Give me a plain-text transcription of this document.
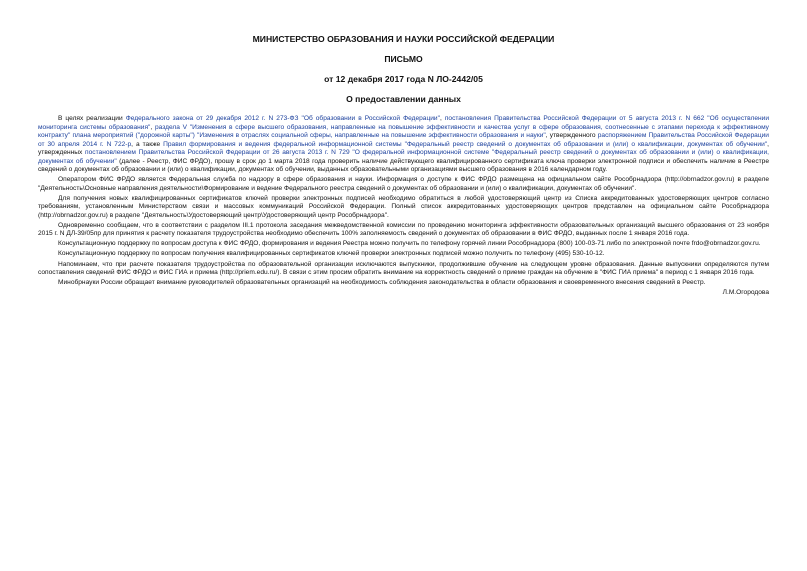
МИНИСТЕРСТВО ОБРАЗОВАНИЯ И НАУКИ РОССИЙСКОЙ ФЕДЕРАЦИИ

ПИСЬМО

от 12 декабря 2017 года N ЛО-2442/05

О предоставлении данных

В целях реализации Федерального закона от 29 декабря 2012 г. N 273-ФЗ "Об образовании в Российской Федерации", постановления Правительства Российской Федерации от 5 августа 2013 г. N 662 "Об осуществлении мониторинга системы образования", раздела V "Изменения в сфере высшего образования, направленные на повышение эффективности и качества услуг в сфере образования, соотнесенные с этапами перехода к эффективному контракту" плана мероприятий ("дорожной карты") "Изменения в отраслях социальной сферы, направленные на повышение эффективности образования и науки", утвержденного распоряжением Правительства Российской Федерации от 30 апреля 2014 г. N 722-р, а также Правил формирования и ведения федеральной информационной системы "Федеральный реестр сведений о документах об образовании и (или) о квалификации, документах об обучении", утвержденных постановлением Правительства Российской Федерации от 26 августа 2013 г. N 729 "О федеральной информационной системе "Федеральный реестр сведений о документах об образовании и (или) о квалификации, документах об обучении" (далее - Реестр, ФИС ФРДО), прошу в срок до 1 марта 2018 года проверить наличие действующего квалифицированного сертификата ключа проверки электронной подписи и обеспечить наличие в Реестре сведений о документах об образовании и (или) о квалификации, документах об обучении, выданных образовательными организациями высшего образования в 2016 календарном году.

Оператором ФИС ФРДО является Федеральная служба по надзору в сфере образования и науки. Информация о доступе к ФИС ФРДО размещена на официальном сайте Рособрнадзора (http://obrnadzor.gov.ru) в разделе "Деятельность\Основные направления деятельности\Формирование и ведение Федерального реестра сведений о документах об образовании и (или) о квалификации, документах об обучении".

Для получения новых квалифицированных сертификатов ключей проверки электронных подписей необходимо обратиться в любой удостоверяющий центр из Списка аккредитованных удостоверяющих центров согласно требованиям, установленным Министерством связи и массовых коммуникаций Российской Федерации. Полный список аккредитованных удостоверяющих центров представлен на официальном сайте Рособрнадзора (http://obrnadzor.gov.ru) в разделе "Деятельность\Удостоверяющий центр\Удостоверяющий центр Рособрнадзора".

Одновременно сообщаем, что в соответствии с разделом III.1 протокола заседания межведомственной комиссии по проведению мониторинга эффективности образовательных организаций высшего образования от 23 ноября 2015 г. N ДЛ-39/05пр для принятия к расчету показателя трудоустройства необходимо обеспечить 100% заполняемость сведений о документах об образовании в ФИС ФРДО, выданных после 1 января 2016 года.

Консультационную поддержку по вопросам доступа к ФИС ФРДО, формирования и ведения Реестра можно получить по телефону горячей линии Рособрнадзора (800) 100-03-71 либо по электронной почте frdo@obrnadzor.gov.ru.

Консультационную поддержку по вопросам получения квалифицированных сертификатов ключей проверки электронных подписей можно получить по телефону (495) 530-10-12.

Напоминаем, что при расчете показателя трудоустройства по образовательной организации исключаются выпускники, продолжившие обучение на следующем уровне образования. Данные выпускники определяются путем сопоставления сведений ФИС ФРДО и ФИС ГИА и приема (http://priem.edu.ru/). В связи с этим просим обратить внимание на корректность сведений о приеме граждан на обучение в "ФИС ГИА приема" в период с 1 января 2016 года.

Минобрнауки России обращает внимание руководителей образовательных организаций на необходимость соблюдения законодательства в области образования и своевременного внесения сведений в Реестр.

Л.М.Огородова
